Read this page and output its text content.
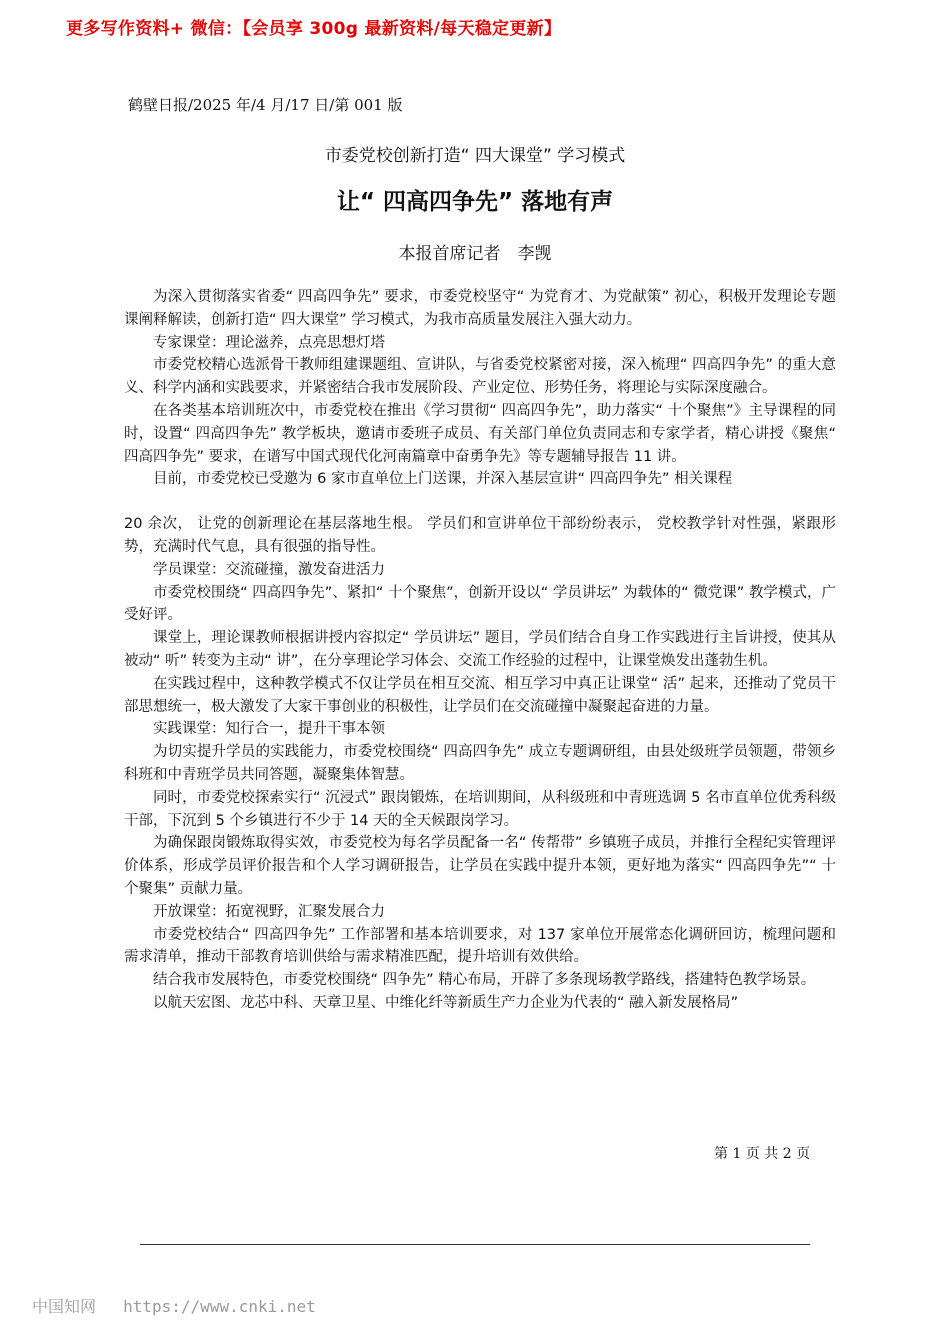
更多写作资料+ 微信：【会员享 300g 最新资料/每天稳定更新】
鹤壁日报/2025 年/4 月/17 日/第 001 版
市委党校创新打造“ 四大课堂” 学习模式
让“ 四高四争先” 落地有声
本报首席记者　李觊

为深入贯彻落实省委“ 四高四争先” 要求，市委党校坚守“ 为党育才、为党献策” 初心，积极开发理论专题课阐释解读，创新打造“ 四大课堂” 学习模式，为我市高质量发展注入强大动力。

专家课堂：理论滋养，点亮思想灯塔

市委党校精心选派骨干教师组建课题组、宣讲队，与省委党校紧密对接，深入梳理“ 四高四争先” 的重大意义、科学内涵和实践要求，并紧密结合我市发展阶段、产业定位、形势任务，将理论与实际深度融合。

在各类基本培训班次中，市委党校在推出《学习贯彻“ 四高四争先”，助力落实“ 十个聚焦”》主导课程的同时，设置“ 四高四争先” 教学板块，邀请市委班子成员、有关部门单位负责同志和专家学者，精心讲授《聚焦“ 四高四争先” 要求，在谱写中国式现代化河南篇章中奋勇争先》等专题辅导报告 11 讲。

目前，市委党校已受邀为 6 家市直单位上门送课，并深入基层宣讲“ 四高四争先” 相关课程

20 余次， 让党的创新理论在基层落地生根。 学员们和宣讲单位干部纷纷表示， 党校教学针对性强，紧跟形势，充满时代气息，具有很强的指导性。

学员课堂：交流碰撞，激发奋进活力

市委党校围绕“ 四高四争先”、紧扣“ 十个聚焦”，创新开设以“ 学员讲坛” 为载体的“ 微党课” 教学模式，广受好评。

课堂上，理论课教师根据讲授内容拟定“ 学员讲坛” 题目，学员们结合自身工作实践进行主旨讲授，使其从被动“ 听” 转变为主动“ 讲”，在分享理论学习体会、交流工作经验的过程中，让课堂焕发出蓬勃生机。

在实践过程中，这种教学模式不仅让学员在相互交流、相互学习中真正让课堂“ 活” 起来，还推动了党员干部思想统一，极大激发了大家干事创业的积极性，让学员们在交流碰撞中凝聚起奋进的力量。

实践课堂：知行合一，提升干事本领

为切实提升学员的实践能力，市委党校围绕“ 四高四争先” 成立专题调研组，由县处级班学员领题，带领乡科班和中青班学员共同答题，凝聚集体智慧。

同时，市委党校探索实行“ 沉浸式” 跟岗锻炼，在培训期间，从科级班和中青班选调 5 名市直单位优秀科级干部，下沉到 5 个乡镇进行不少于 14 天的全天候跟岗学习。

为确保跟岗锻炼取得实效，市委党校为每名学员配备一名“ 传帮带” 乡镇班子成员，并推行全程纪实管理评价体系，形成学员评价报告和个人学习调研报告，让学员在实践中提升本领，更好地为落实“ 四高四争先”“ 十个聚集” 贡献力量。

开放课堂：拓宽视野，汇聚发展合力

市委党校结合“ 四高四争先” 工作部署和基本培训要求，对 137 家单位开展常态化调研回访，梳理问题和需求清单，推动干部教育培训供给与需求精准匹配，提升培训有效供给。

结合我市发展特色，市委党校围绕“ 四争先” 精心布局，开辟了多条现场教学路线，搭建特色教学场景。

以航天宏图、龙芯中科、天章卫星、中维化纤等新质生产力企业为代表的“ 融入新发展格局”

第 1 页 共 2 页
中国知网 https://www.cnki.net
